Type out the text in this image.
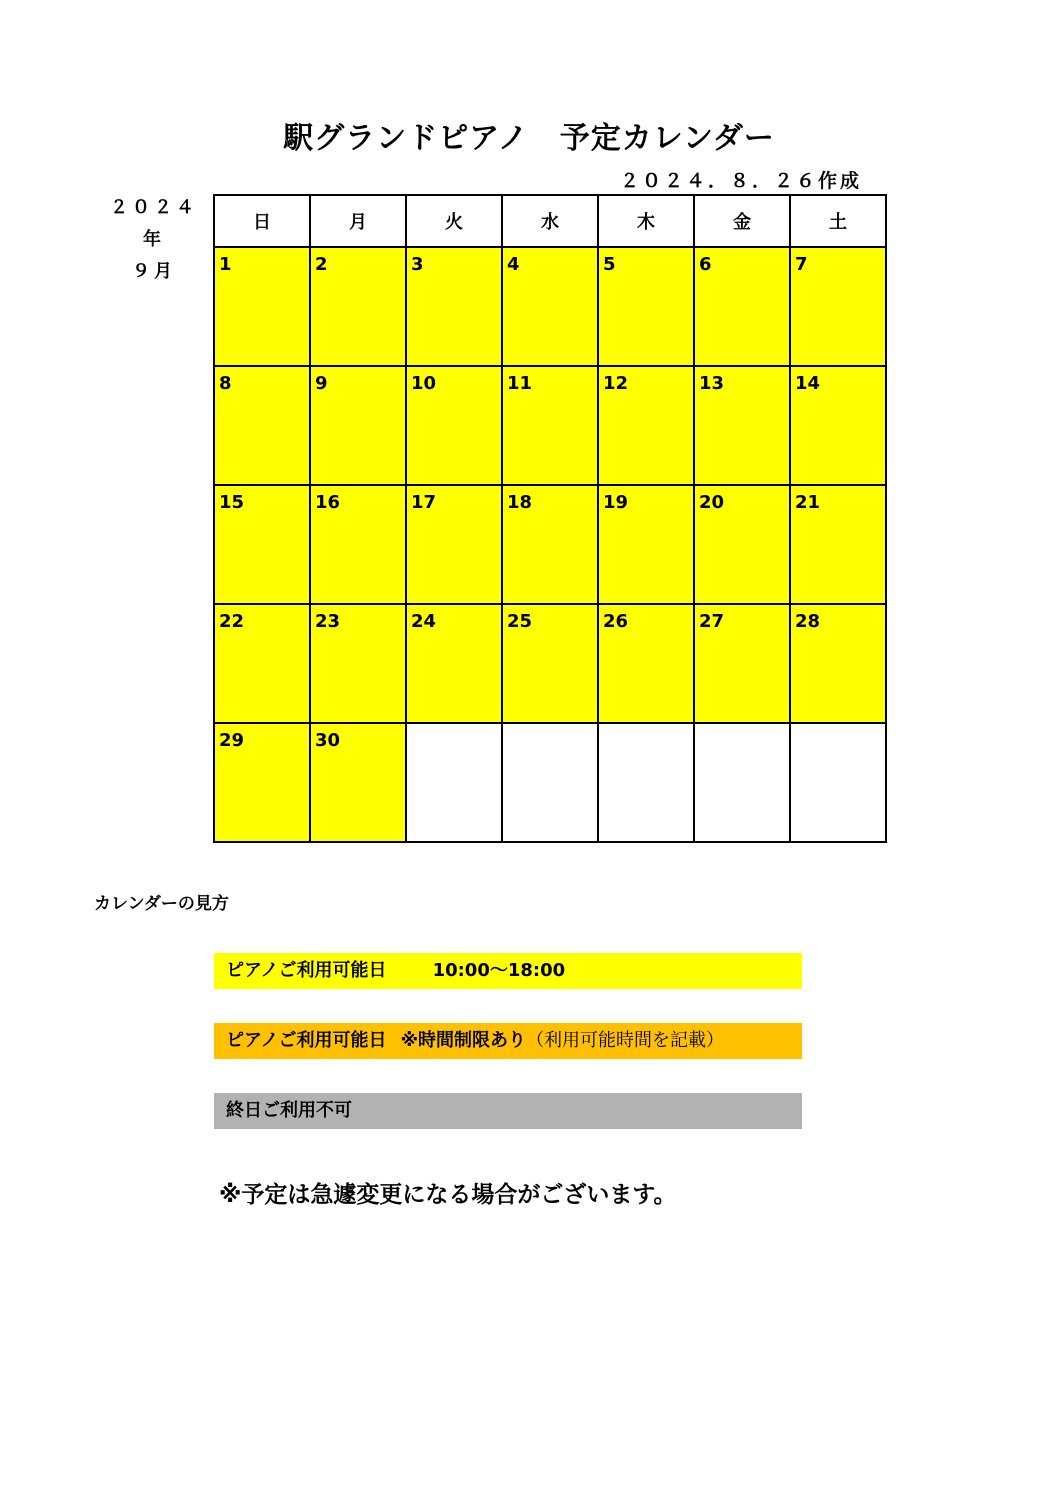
駅グランドピアノ　予定カレンダー
２０２４．８．２６作成
２０２４年
９月
日	月	火	水	木	金	土

1	2	3	4	5	6	7

8	9	10	11	12	13	14

15	16	17	18	19	20	21

22	23	24	25	26	27	28

29	30					

カレンダーの見方
ピアノご利用可能日	10:00～18:00
ピアノご利用可能日 ※時間制限あり（利用可能時間を記載）
終日ご利用不可
※予定は急遽変更になる場合がございます。
